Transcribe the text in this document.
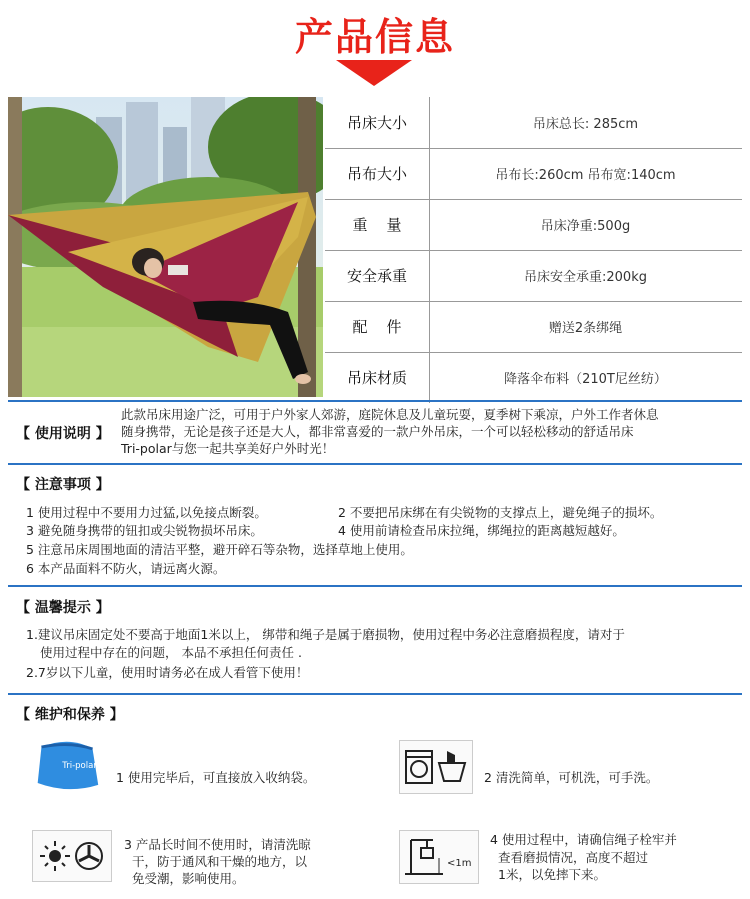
产品信息
吊床大小	吊床总长: 285cm
吊布大小	吊布长:260cm 吊布宽:140cm
重    量	吊床净重:500g
安全承重	吊床安全承重:200kg
配    件	赠送2条绑绳
吊床材质	降落伞布料（210T尼丝纺）
【 使用说明 】
此款吊床用途广泛，可用于户外家人郊游，庭院休息及儿童玩耍，夏季树下乘凉，户外工作者休息
随身携带，无论是孩子还是大人，都非常喜爱的一款户外吊床，一个可以轻松移动的舒适吊床
Tri-polar与您一起共享美好户外时光！
【 注意事项 】
1 使用过程中不要用力过猛,以免接点断裂。	2 不要把吊床绑在有尖锐物的支撑点上，避免绳子的损坏。
3 避免随身携带的钮扣或尖锐物损坏吊床。	4 使用前请检查吊床拉绳，绑绳拉的距离越短越好。
5 注意吊床周围地面的清洁平整，避开碎石等杂物，选择草地上使用。
6 本产品面料不防火，请远离火源。
【 温馨提示 】
1.建议吊床固定处不要高于地面1米以上， 绑带和绳子是属于磨损物，使用过程中务必注意磨损程度，请对于
使用过程中存在的问题， 本品不承担任何责任 .
2.7岁以下儿童，使用时请务必在成人看管下使用！
【 维护和保养 】
Tri-polar
1 使用完毕后，可直接放入收纳袋。	2 清洗简单，可机洗，可手洗。
3 产品长时间不使用时，请清洗晾
干，防于通风和干燥的地方，以
免受潮，影响使用。
<1m
4 使用过程中，请确信绳子栓牢并
查看磨损情况，高度不超过
1米，以免摔下来。
